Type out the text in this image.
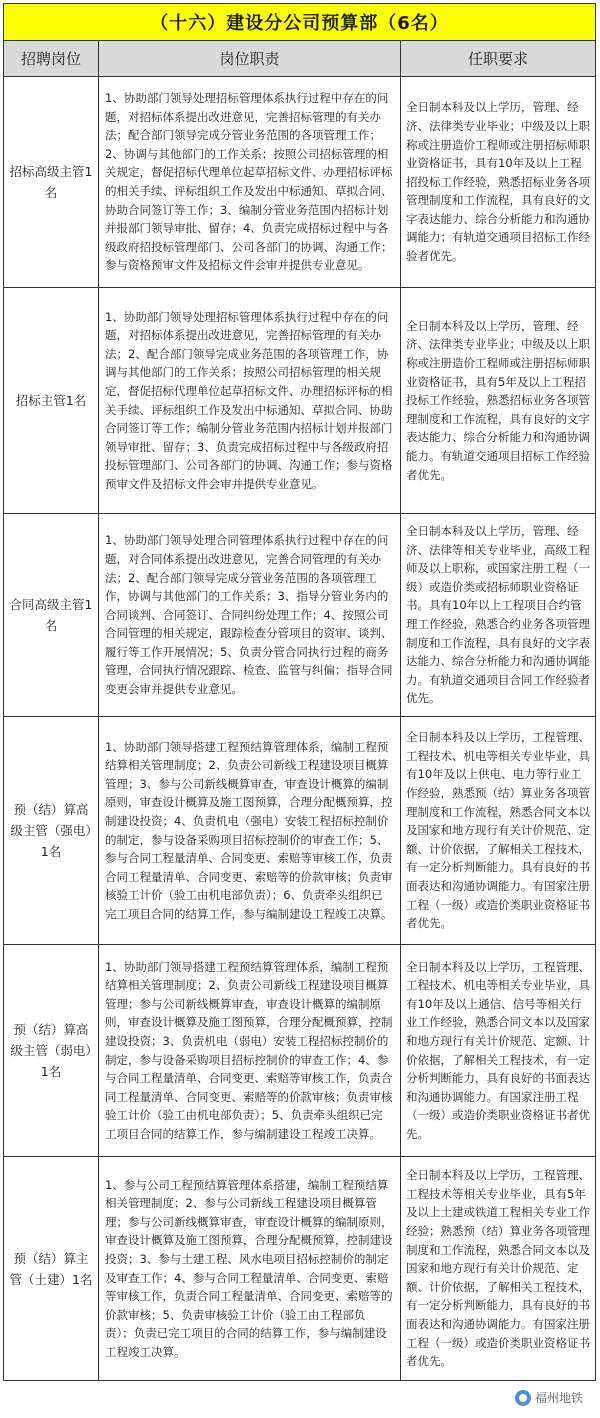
（十六）建设分公司预算部（6名）		
招聘岗位	岗位职责	任职要求
招标高级主管1名	1、协助部门领导处理招标管理体系执行过程中存在的问题，对招标体系提出改进意见，完善招标管理的有关办法；配合部门领导完成分管业务范围的各项管理工作；2、协调与其他部门的工作关系；按照公司招标管理的相关规定，督促招标代理单位起草招标文件、办理招标评标的相关手续、评标组织工作及发出中标通知、草拟合同、协助合同签订等工作；3、编制分管业务范围内招标计划并报部门领导审批、留存；4、负责完成招标过程中与各级政府招投标管理部门、公司各部门的协调、沟通工作；参与资格预审文件及招标文件会审并提供专业意见。	全日制本科及以上学历，管理、经济、法律类专业毕业；中级及以上职称或注册造价工程师或注册招标师职业资格证书，具有10年及以上工程招投标工作经验，熟悉招标业务各项管理制度和工作流程，具有良好的文字表达能力、综合分析能力和沟通协调能力；有轨道交通项目招标工作经验者优先。
招标主管1名	1、协助部门领导处理招标管理体系执行过程中存在的问题，对招标体系提出改进意见，完善招标管理的有关办法；2、配合部门领导完成业务范围的各项管理工作，协调与其他部门的工作关系；按照公司招标管理的相关规定，督促招标代理单位起草招标文件、办理招标评标的相关手续、评标组织工作及发出中标通知、草拟合同、协助合同签订等工作；编制分管业务范围内招标计划并报部门领导审批、留存；3、负责完成招标过程中与各级政府招投标管理部门、公司各部门的协调、沟通工作；参与资格预审文件及招标文件会审并提供专业意见。	全日制本科及以上学历，管理、经济、法律类专业毕业；中级及以上职称或注册造价工程师或注册招标师职业资格证书，具有5年及以上工程招投标工作经验，熟悉招标业务各项管理制度和工作流程，具有良好的文字表达能力、综合分析能力和沟通协调能力。有轨道交通项目招标工作经验者优先。
合同高级主管1名	1、协助部门领导处理合同管理体系执行过程中存在的问题，对合同体系提出改进意见，完善合同管理的有关办法；2、配合部门领导完成分管业务范围的各项管理工作，协调与其他部门的工作关系；3、指导分管业务内的合同谈判、合同签订、合同纠纷处理工作；4、按照公司合同管理的相关规定，跟踪检查分管项目的资审、谈判、履行等工作开展情况；5、负责分管合同执行过程的商务管理，合同执行情况跟踪、检查、监管与纠偏；指导合同变更会审并提供专业意见。	全日制本科及以上学历，管理、经济、法律等相关专业毕业，高级工程师及以上职称，或国家注册工程（一级）或造价类或招标师职业资格证书。具有10年以上工程项目合约管理工作经验，熟悉合约业务各项管理制度和工作流程，具有良好的文字表达能力、综合分析能力和沟通协调能力。有轨道交通项目合同工作经验者优先。
预（结）算高级主管（强电）1名	1、协助部门领导搭建工程预结算管理体系，编制工程预结算相关管理制度；2、负责公司新线工程建设项目概算管理；3、参与公司新线概算审查，审查设计概算的编制原则，审查设计概算及施工图预算，合理分配概预算，控制建设投资；4、负责机电（强电）安装工程招标控制价的制定，参与设备采购项目招标控制价的审查工作；5、参与合同工程量清单、合同变更、索赔等审核工作，负责合同工程量清单、合同变更、索赔等的价款审核；负责审核验工计价（验工由机电部负责）；6、负责牵头组织已完工项目合同的结算工作，参与编制建设工程竣工决算。	全日制本科及以上学历，工程管理、工程技术、机电等相关专业毕业，具有10年及以上供电、电力等行业工作经验，熟悉预（结）算业务各项管理制度和工作流程，熟悉合同文本以及国家和地方现行有关计价规范、定额、计价依据，了解相关工程技术，有一定分析判断能力。具有良好的书面表达和沟通协调能力。有国家注册工程（一级）或造价类职业资格证书者优先。
预（结）算高级主管（弱电）1名	1、协助部门领导搭建工程预结算管理体系，编制工程预结算相关管理制度；2、负责公司新线工程建设项目概算管理；参与公司新线概算审查，审查设计概算的编制原则，审查设计概算及施工图预算，合理分配概预算，控制建设投资；3、负责机电（弱电）安装工程招标控制价的制定，参与设备采购项目招标控制价的审查工作；4、参与合同工程量清单、合同变更、索赔等审核工作，负责合同工程量清单、合同变更、索赔等的价款审核；负责审核验工计价（验工由机电部负责）；5、负责牵头组织已完工项目合同的结算工作，参与编制建设工程竣工决算。	全日制本科及以上学历，工程管理、工程技术、机电等相关专业毕业，具有10年及以上通信、信号等相关行业工作经验，熟悉合同文本以及国家和地方现行有关计价规范、定额、计价依据，了解相关工程技术，有一定分析判断能力，具有良好的书面表达和沟通协调能力。有国家注册工程（一级）或造价类职业资格证书者优先。
预（结）算主管（土建）1名	1、参与公司工程预结算管理体系搭建，编制工程预结算相关管理制度；2、参与公司新线工程建设项目概算管理；参与公司新线概算审查，审查设计概算的编制原则，审查设计概算及施工图预算，合理分配概预算，控制建设投资；3、参与土建工程、风水电项目招标控制价的制定及审查工作；4、参与合同工程量清单、合同变更、索赔等审核工作，负责合同工程量清单、合同变更、索赔等的价款审核；5、负责审核验工计价（验工由工程部负责）；负责已完工项目的合同的结算工作，参与编制建设工程竣工决算。	全日制本科及以上学历，工程管理、工程技术等相关专业毕业，具有5年及以上土建或铁道工程相关专业工作经验；熟悉预（结）算业务各项管理制度和工作流程，熟悉合同文本以及国家和地方现行有关计价规范、定额、计价依据，了解相关工程技术，有一定分析判断能力，具有良好的书面表达和沟通协调能力。有国家注册工程（一级）或造价类职业资格证书者优先。
福州地铁
